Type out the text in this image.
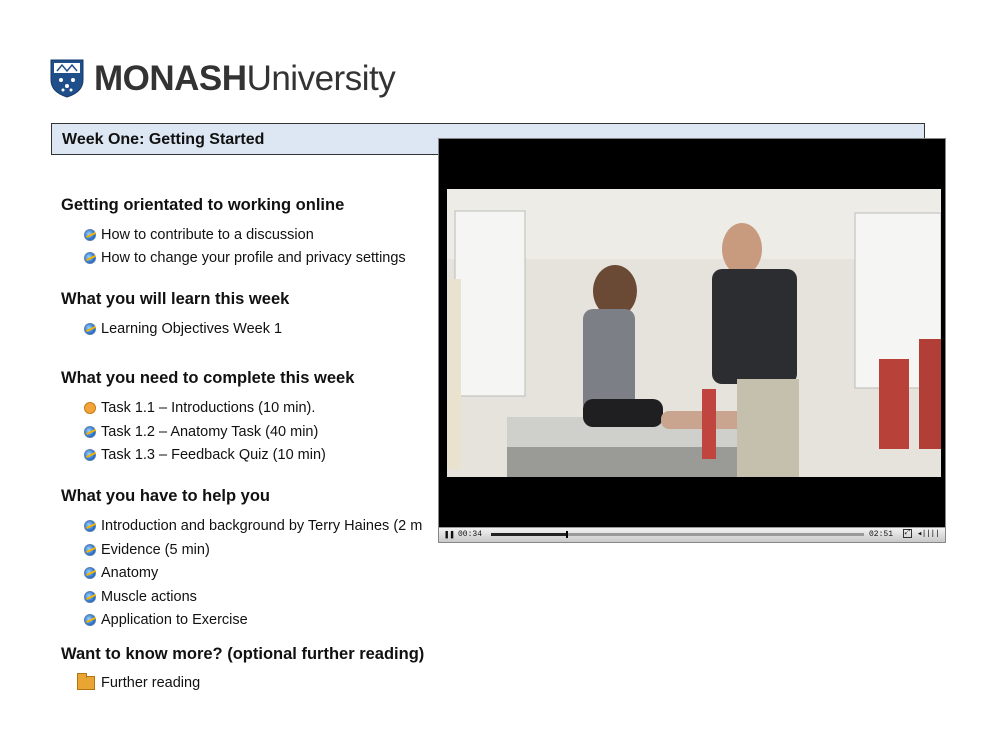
MONASHUniversity
Week One: Getting Started
Getting orientated to working online
How to contribute to a discussion
How to change your profile and privacy settings
What you will learn this week
Learning Objectives Week 1
What you need to complete this week
Task 1.1 – Introductions (10 min).
Task 1.2 – Anatomy Task (40 min)
Task 1.3 – Feedback Quiz (10 min)
What you have to help you
Introduction and background by Terry Haines (2 m
Evidence (5 min)
Anatomy
Muscle actions
Application to Exercise
Want to know more? (optional further reading)
Further reading
❚❚ 00:34	02:51 ⤢ ◂❘❘❘❘
